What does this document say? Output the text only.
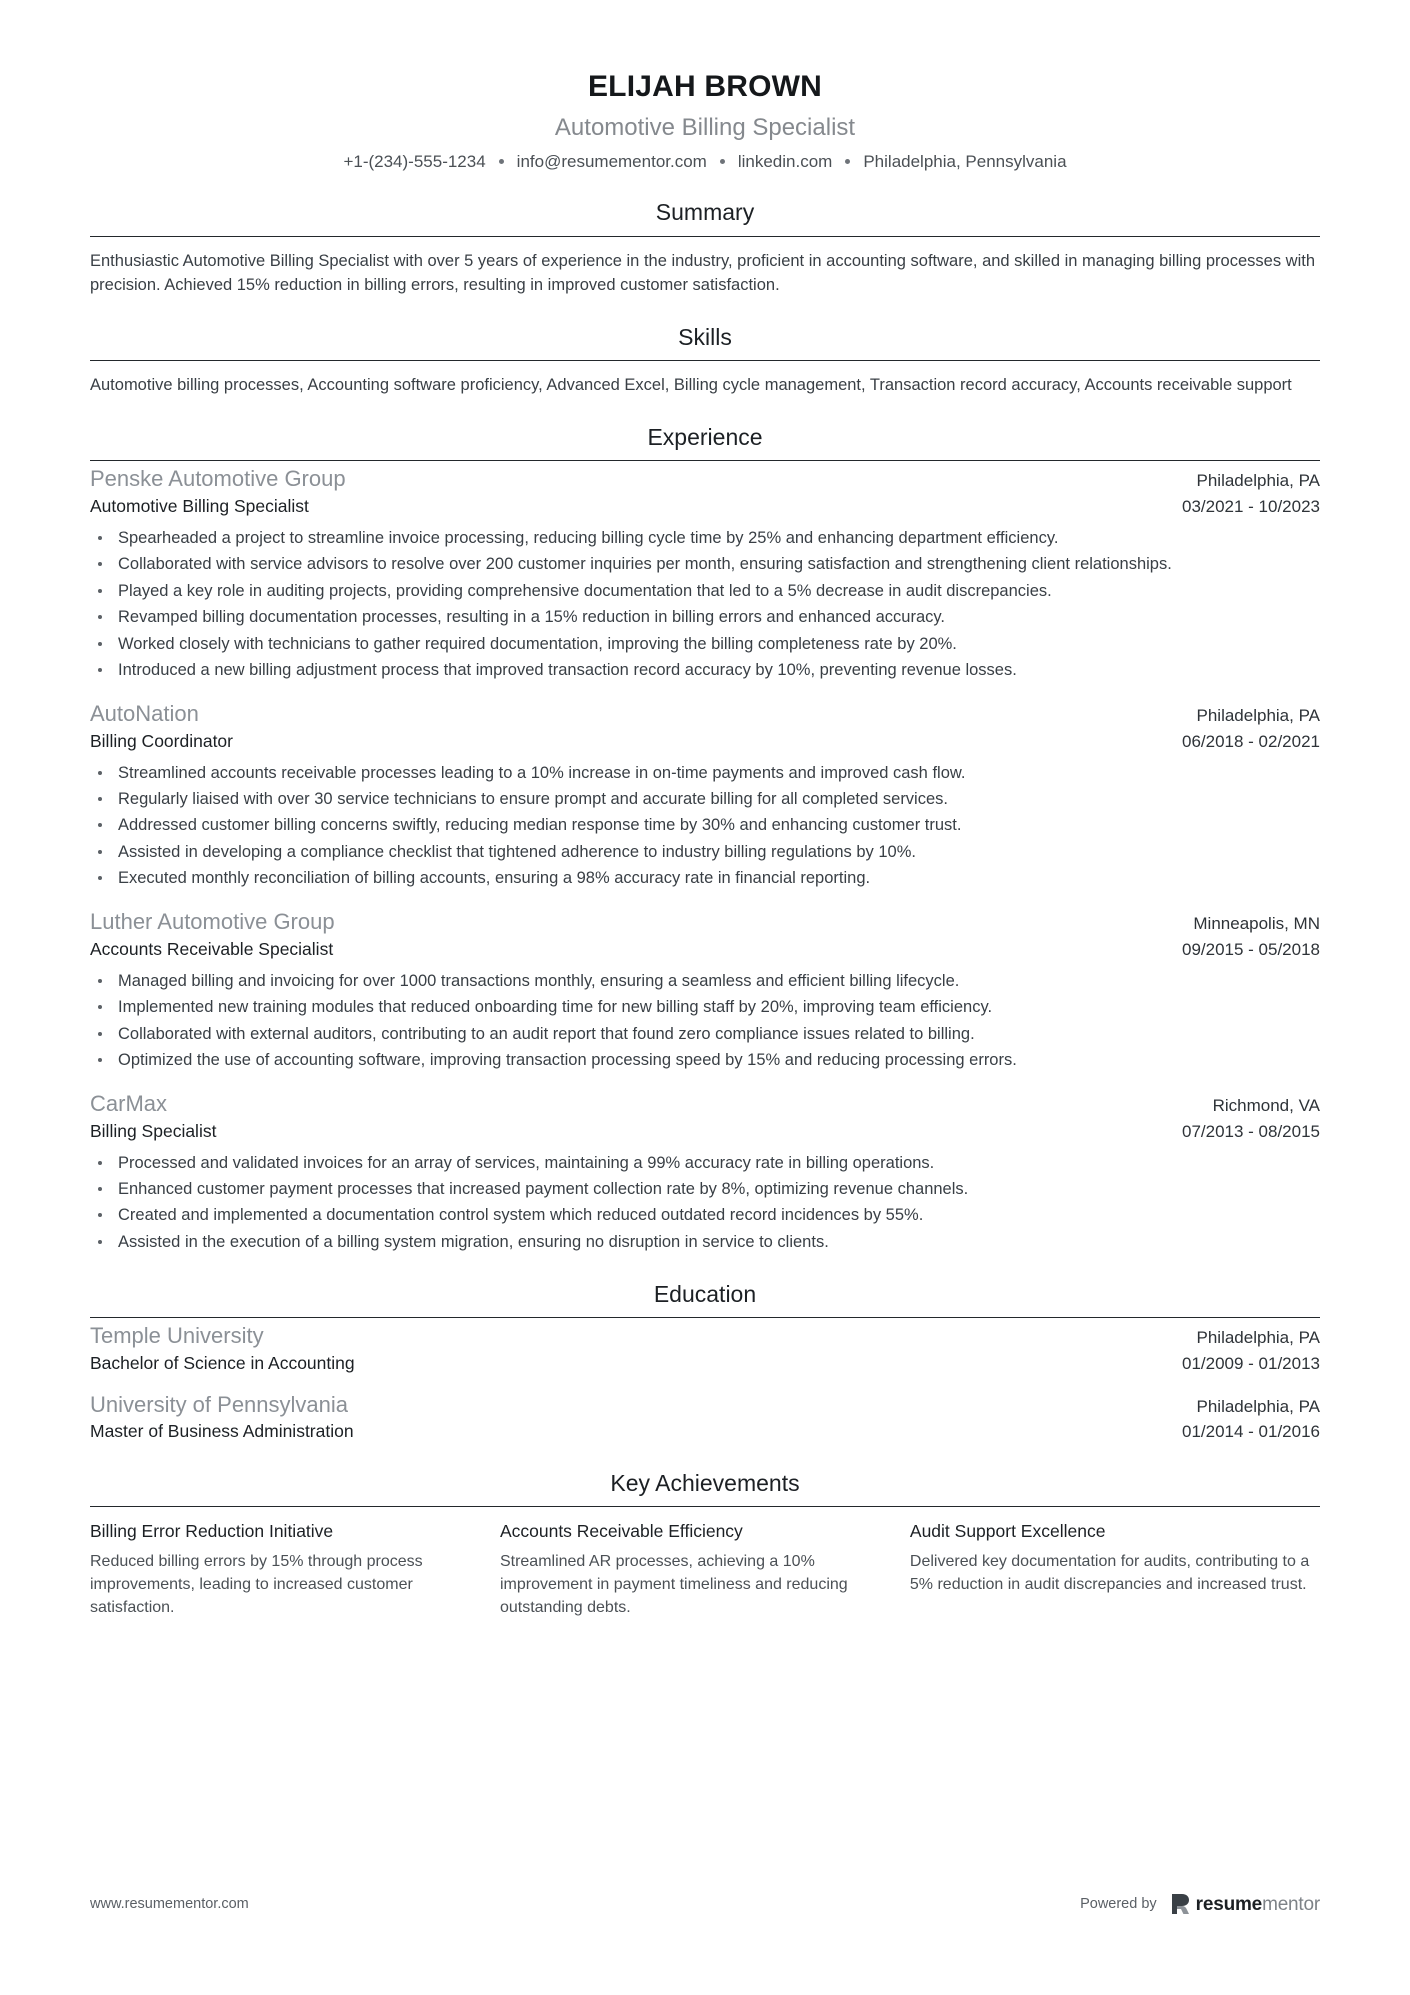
ELIJAH BROWN
Automotive Billing Specialist
+1-(234)-555-1234 info@resumementor.com linkedin.com Philadelphia, Pennsylvania
Summary
Enthusiastic Automotive Billing Specialist with over 5 years of experience in the industry, proficient in accounting software, and skilled in managing billing processes with precision. Achieved 15% reduction in billing errors, resulting in improved customer satisfaction.
Skills
Automotive billing processes, Accounting software proficiency, Advanced Excel, Billing cycle management, Transaction record accuracy, Accounts receivable support
Experience
Penske Automotive Group	Philadelphia, PA
Automotive Billing Specialist	03/2021 - 10/2023
Spearheaded a project to streamline invoice processing, reducing billing cycle time by 25% and enhancing department efficiency.
Collaborated with service advisors to resolve over 200 customer inquiries per month, ensuring satisfaction and strengthening client relationships.
Played a key role in auditing projects, providing comprehensive documentation that led to a 5% decrease in audit discrepancies.
Revamped billing documentation processes, resulting in a 15% reduction in billing errors and enhanced accuracy.
Worked closely with technicians to gather required documentation, improving the billing completeness rate by 20%.
Introduced a new billing adjustment process that improved transaction record accuracy by 10%, preventing revenue losses.
AutoNation	Philadelphia, PA
Billing Coordinator	06/2018 - 02/2021
Streamlined accounts receivable processes leading to a 10% increase in on-time payments and improved cash flow.
Regularly liaised with over 30 service technicians to ensure prompt and accurate billing for all completed services.
Addressed customer billing concerns swiftly, reducing median response time by 30% and enhancing customer trust.
Assisted in developing a compliance checklist that tightened adherence to industry billing regulations by 10%.
Executed monthly reconciliation of billing accounts, ensuring a 98% accuracy rate in financial reporting.
Luther Automotive Group	Minneapolis, MN
Accounts Receivable Specialist	09/2015 - 05/2018
Managed billing and invoicing for over 1000 transactions monthly, ensuring a seamless and efficient billing lifecycle.
Implemented new training modules that reduced onboarding time for new billing staff by 20%, improving team efficiency.
Collaborated with external auditors, contributing to an audit report that found zero compliance issues related to billing.
Optimized the use of accounting software, improving transaction processing speed by 15% and reducing processing errors.
CarMax	Richmond, VA
Billing Specialist	07/2013 - 08/2015
Processed and validated invoices for an array of services, maintaining a 99% accuracy rate in billing operations.
Enhanced customer payment processes that increased payment collection rate by 8%, optimizing revenue channels.
Created and implemented a documentation control system which reduced outdated record incidences by 55%.
Assisted in the execution of a billing system migration, ensuring no disruption in service to clients.
Education
Temple University	Philadelphia, PA
Bachelor of Science in Accounting	01/2009 - 01/2013
University of Pennsylvania	Philadelphia, PA
Master of Business Administration	01/2014 - 01/2016
Key Achievements
Billing Error Reduction Initiative
Reduced billing errors by 15% through process improvements, leading to increased customer satisfaction.
Accounts Receivable Efficiency
Streamlined AR processes, achieving a 10% improvement in payment timeliness and reducing outstanding debts.
Audit Support Excellence
Delivered key documentation for audits, contributing to a 5% reduction in audit discrepancies and increased trust.
www.resumementor.com	Powered by resumementor
